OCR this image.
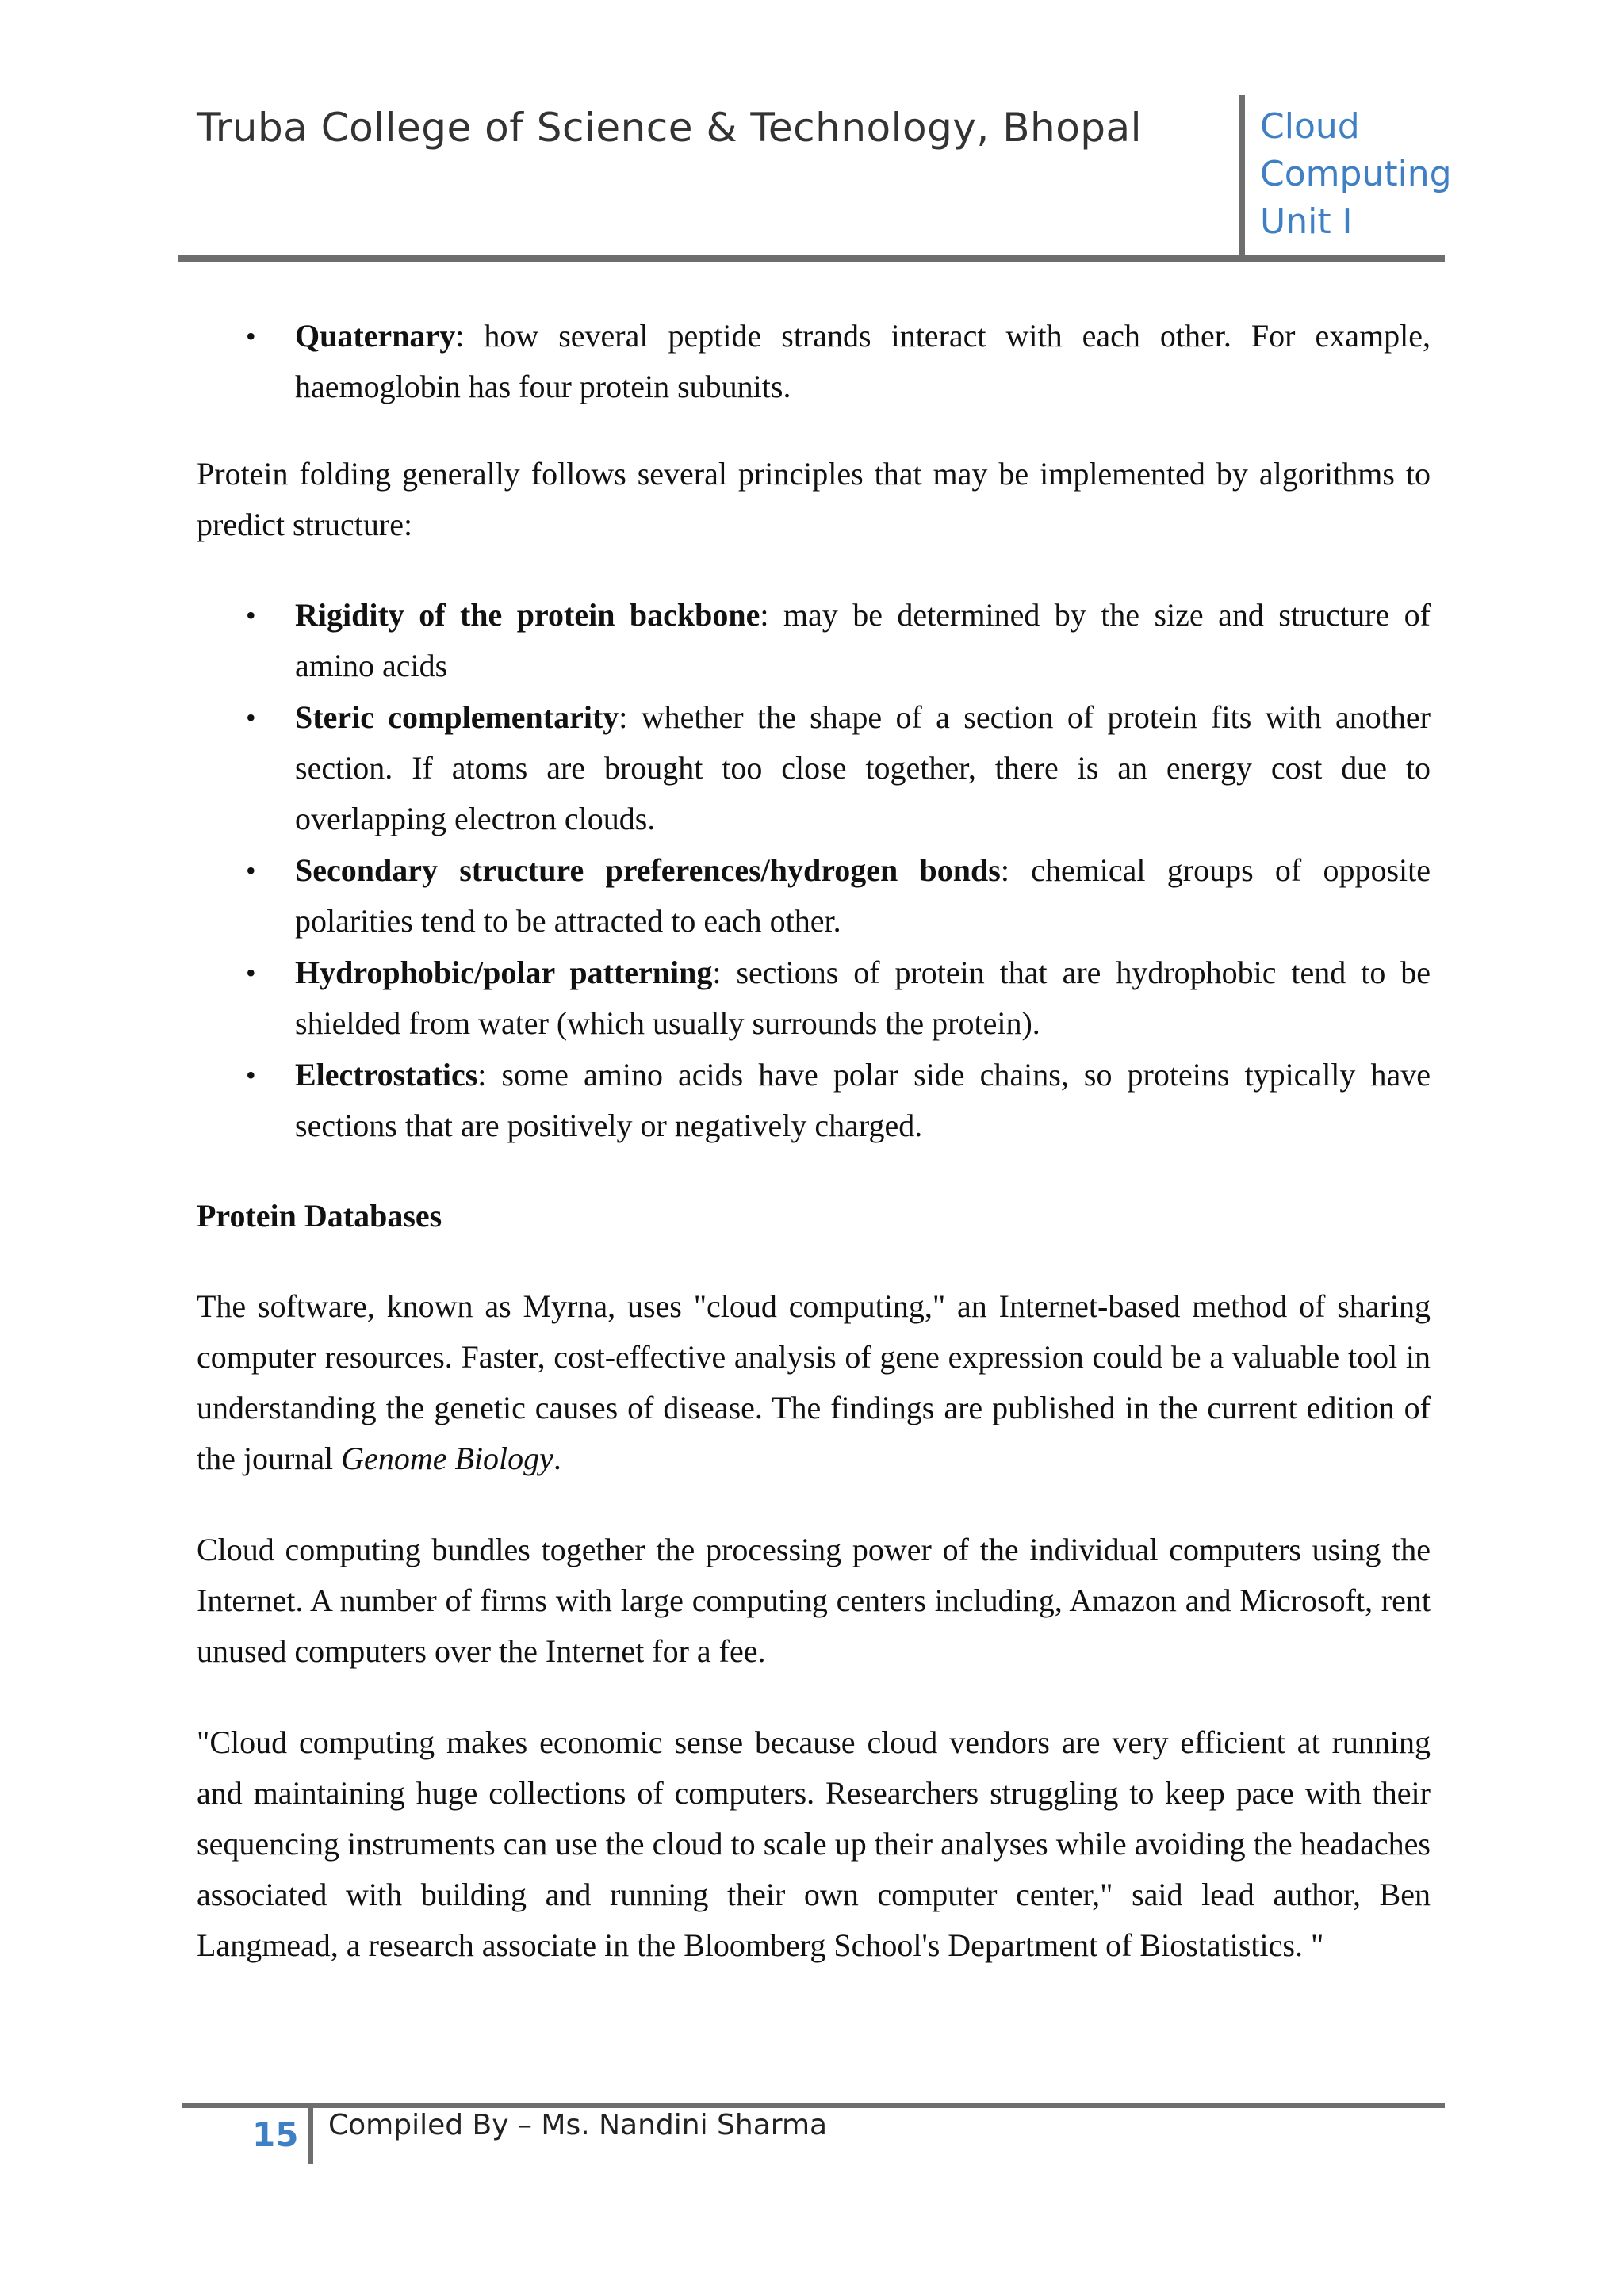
Truba College of Science & Technology, Bhopal	Cloud
Computing
Unit I
• Quaternary: how several peptide strands interact with each other. For example, haemoglobin has four protein subunits.
Protein folding generally follows several principles that may be implemented by algorithms to predict structure:
• Rigidity of the protein backbone: may be determined by the size and structure of amino acids
• Steric complementarity: whether the shape of a section of protein fits with another section. If atoms are brought too close together, there is an energy cost due to overlapping electron clouds.
• Secondary structure preferences/hydrogen bonds: chemical groups of opposite polarities tend to be attracted to each other.
• Hydrophobic/polar patterning: sections of protein that are hydrophobic tend to be shielded from water (which usually surrounds the protein).
• Electrostatics: some amino acids have polar side chains, so proteins typically have sections that are positively or negatively charged.
Protein Databases
The software, known as Myrna, uses "cloud computing," an Internet-based method of sharing computer resources. Faster, cost-effective analysis of gene expression could be a valuable tool in understanding the genetic causes of disease. The findings are published in the current edition of the journal Genome Biology.
Cloud computing bundles together the processing power of the individual computers using the Internet. A number of firms with large computing centers including, Amazon and Microsoft, rent unused computers over the Internet for a fee.
"Cloud computing makes economic sense because cloud vendors are very efficient at running and maintaining huge collections of computers. Researchers struggling to keep pace with their sequencing instruments can use the cloud to scale up their analyses while avoiding the headaches associated with building and running their own computer center," said lead author, Ben Langmead, a research associate in the Bloomberg School's Department of Biostatistics. "
15 Compiled By – Ms. Nandini Sharma
